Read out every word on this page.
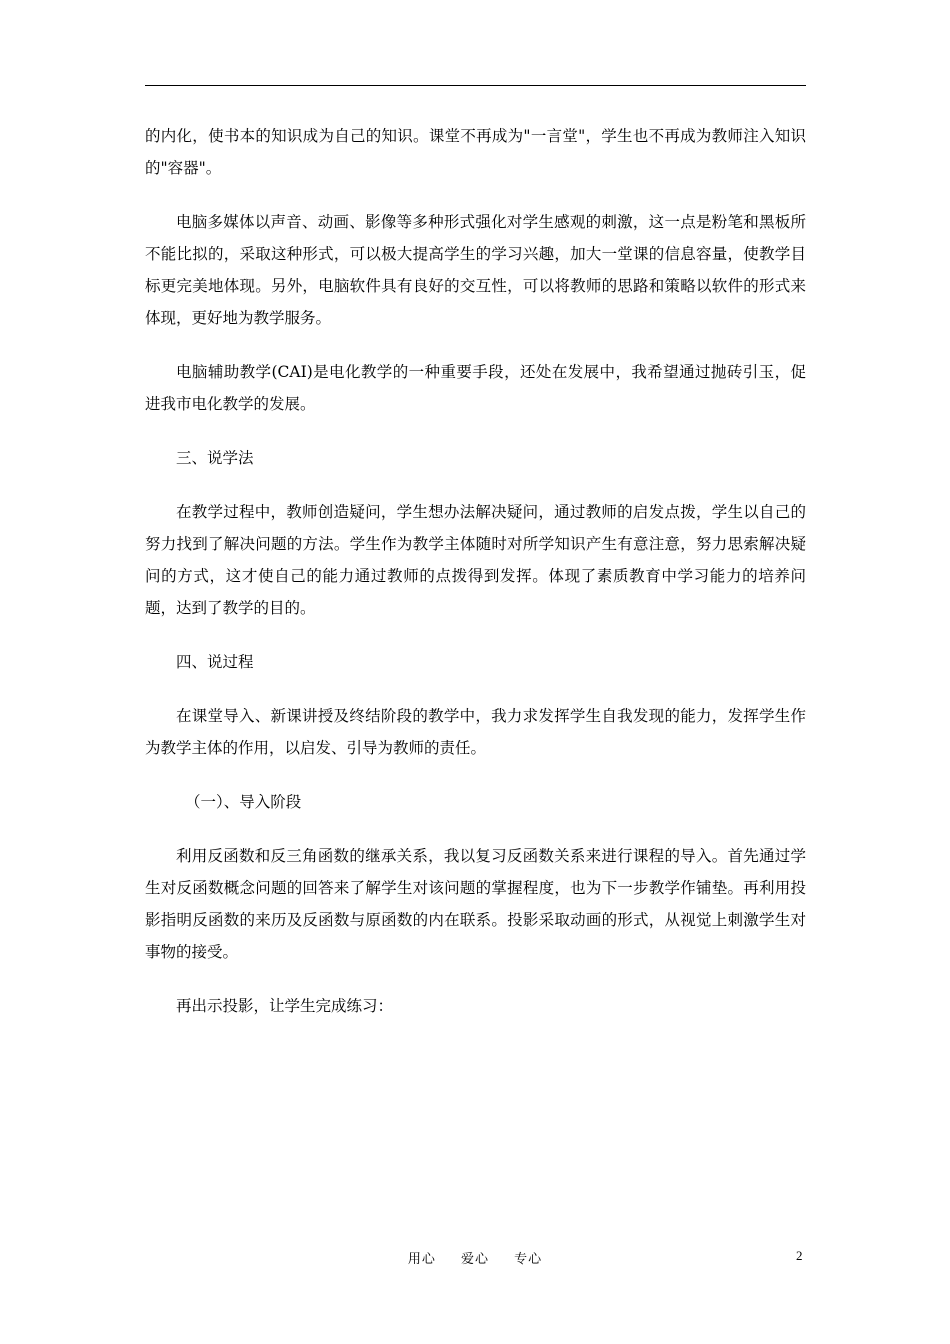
的内化，使书本的知识成为自己的知识。课堂不再成为"一言堂"，学生也不再成为教师注入知识的"容器"。

电脑多媒体以声音、动画、影像等多种形式强化对学生感观的刺激，这一点是粉笔和黑板所不能比拟的，采取这种形式，可以极大提高学生的学习兴趣，加大一堂课的信息容量，使教学目标更完美地体现。另外，电脑软件具有良好的交互性，可以将教师的思路和策略以软件的形式来体现，更好地为教学服务。

电脑辅助教学(CAI)是电化教学的一种重要手段，还处在发展中，我希望通过抛砖引玉，促进我市电化教学的发展。

三、说学法

在教学过程中，教师创造疑问，学生想办法解决疑问，通过教师的启发点拨，学生以自己的努力找到了解决问题的方法。学生作为教学主体随时对所学知识产生有意注意，努力思索解决疑问的方式，这才使自己的能力通过教师的点拨得到发挥。体现了素质教育中学习能力的培养问题，达到了教学的目的。

四、说过程

在课堂导入、新课讲授及终结阶段的教学中，我力求发挥学生自我发现的能力，发挥学生作为教学主体的作用，以启发、引导为教师的责任。

（一）、导入阶段

利用反函数和反三角函数的继承关系，我以复习反函数关系来进行课程的导入。首先通过学生对反函数概念问题的回答来了解学生对该问题的掌握程度，也为下一步教学作铺垫。再利用投影指明反函数的来历及反函数与原函数的内在联系。投影采取动画的形式，从视觉上刺激学生对事物的接受。

再出示投影，让学生完成练习：

用心 爱心 专心	2
